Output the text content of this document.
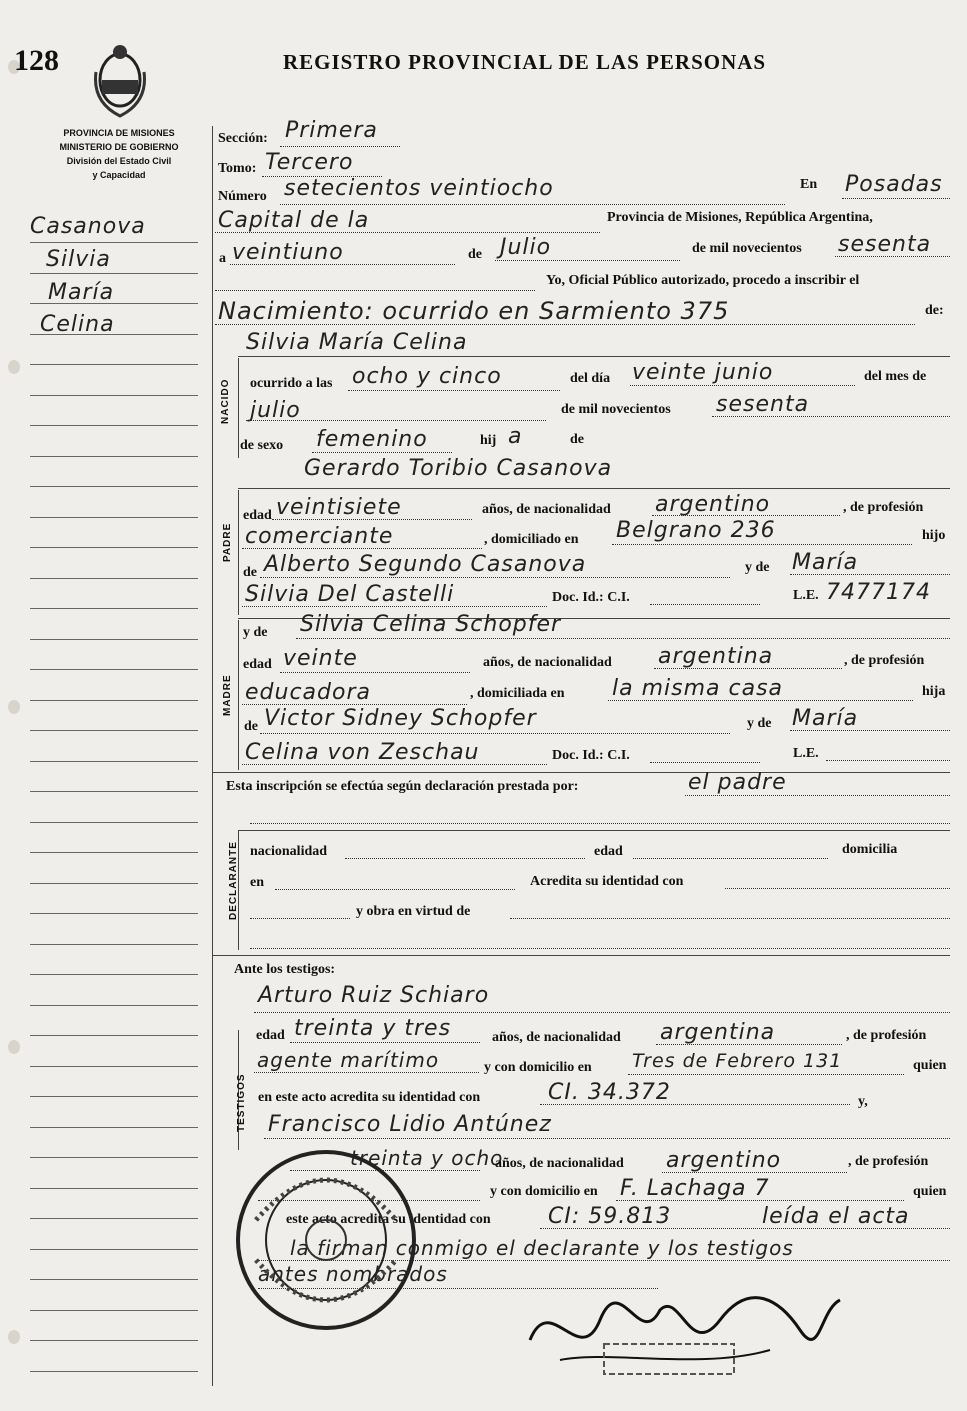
128	REGISTRO PROVINCIAL DE LAS PERSONAS
PROVINCIA DE MISIONES
MINISTERIO DE GOBIERNO
División del Estado Civil
y Capacidad
Casanova
Silvia
María
Celina
NACIDO
PADRE
MADRE
DECLARANTE
TESTIGOS
Sección: Primera
Tomo: Tercero
Número setecientos veintiocho	En Posadas
Capital de la	Provincia de Misiones, República Argentina,
a veintiuno	de Julio	de mil novecientos sesenta
Yo, Oficial Público autorizado, procedo a inscribir el
Nacimiento: ocurrido en Sarmiento 375	de:
Silvia María Celina
ocurrido a las ocho y cinco	del día veinte junio	del mes de
julio	de mil novecientos sesenta
de sexo femenino	hij a	de
Gerardo Toribio Casanova
edad veintisiete	años, de nacionalidad argentino	, de profesión
comerciante	, domiciliado en Belgrano 236	hijo
de Alberto Segundo Casanova	y de María
Silvia Del Castelli	Doc. Id.: C.I.	L.E. 7477174
y de Silvia Celina Schopfer
edad veinte	años, de nacionalidad argentina	, de profesión
educadora	, domiciliada en la misma casa	hija
de Victor Sidney Schopfer	y de María
Celina von Zeschau	Doc. Id.: C.I.	L.E.
Esta inscripción se efectúa según declaración prestada por:	el padre
nacionalidad	edad	domicilia
en	Acredita su identidad con
y obra en virtud de
Ante los testigos:
Arturo Ruiz Schiaro
edad treinta y tres	años, de nacionalidad argentina	, de profesión
agente marítimo	y con domicilio en Tres de Febrero 131	quien
en este acto acredita su identidad con	CI. 34.372	y,
Francisco Lidio Antúnez
treinta y ocho
años, de nacionalidad argentino	, de profesión
y con domicilio en F. Lachaga 7	quien
este acto acredita su identidad con	CI: 59.813	leída el acta
la firman conmigo el declarante y los testigos
antes nombrados
